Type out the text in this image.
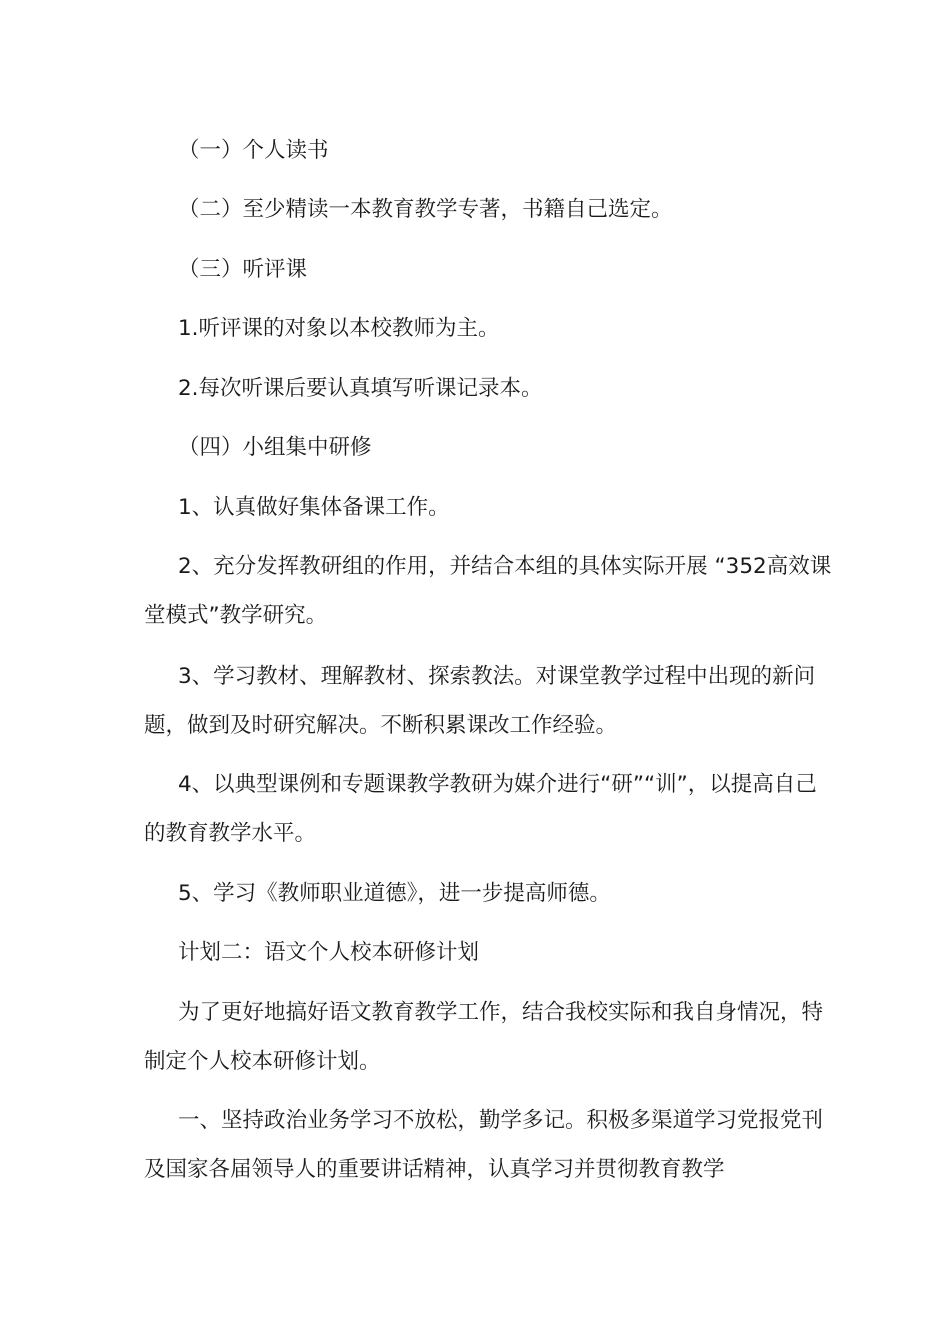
（一）个人读书

（二）至少精读一本教育教学专著，书籍自己选定。

（三）听评课

1.听评课的对象以本校教师为主。

2.每次听课后要认真填写听课记录本。

（四）小组集中研修

1、认真做好集体备课工作。

2、充分发挥教研组的作用，并结合本组的具体实际开展 “352高效课堂模式”教学研究。

3、学习教材、理解教材、探索教法。对课堂教学过程中出现的新问题，做到及时研究解决。不断积累课改工作经验。

4、以典型课例和专题课教学教研为媒介进行“研”“训”，以提高自己的教育教学水平。

5、学习《教师职业道德》，进一步提高师德。

计划二：语文个人校本研修计划

为了更好地搞好语文教育教学工作，结合我校实际和我自身情况，特制定个人校本研修计划。

一、坚持政治业务学习不放松，勤学多记。积极多渠道学习党报党刊及国家各届领导人的重要讲话精神，认真学习并贯彻教育教学
